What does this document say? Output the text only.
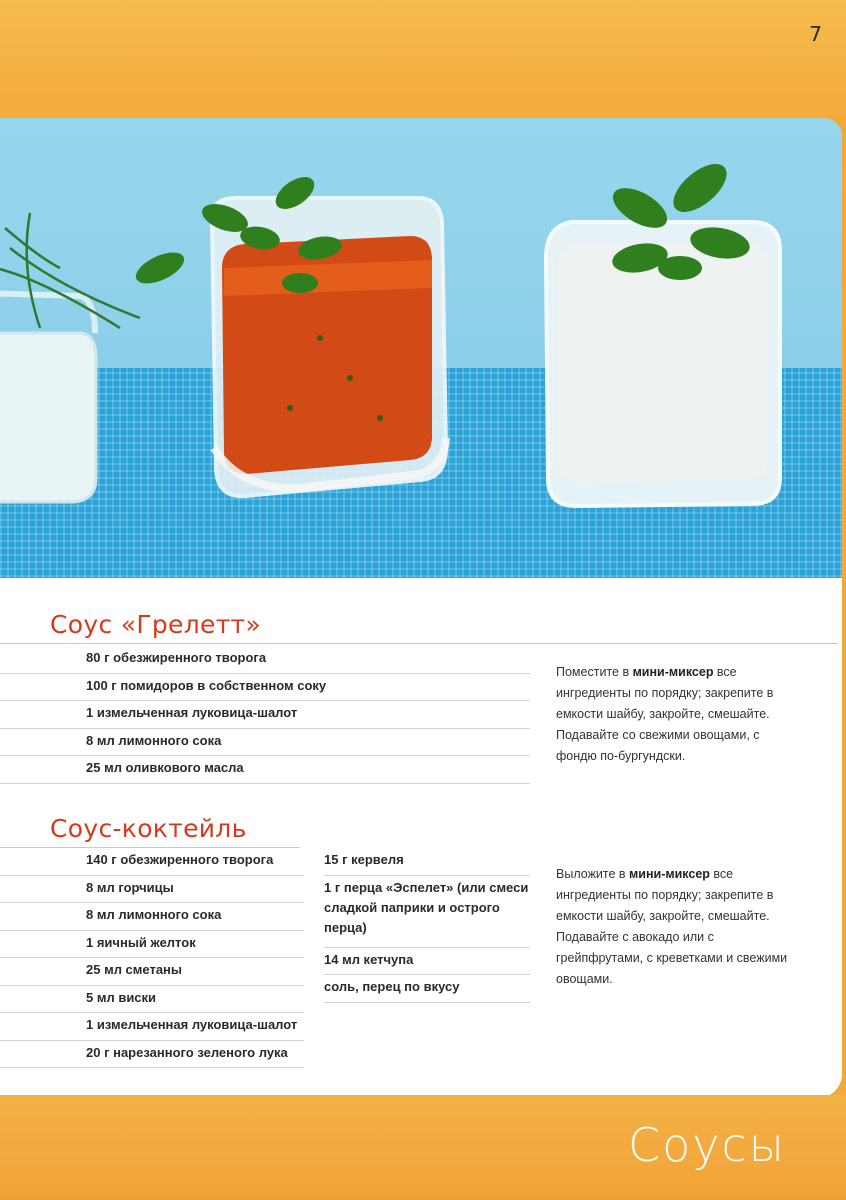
7
Соус «Грелетт»
80 г обезжиренного творога
100 г помидоров в собственном соку
1 измельченная луковица-шалот
8 мл лимонного сока
25 мл оливкового масла
Поместите в мини-миксер все ингредиенты по порядку; закрепите в емкости шайбу, закройте, смешайте.
Подавайте со свежими овощами, с фондю по-бургундски.
Соус-коктейль
140 г обезжиренного творога
8 мл горчицы
8 мл лимонного сока
1 яичный желток
25 мл сметаны
5 мл виски
1 измельченная луковица-шалот
20 г нарезанного зеленого лука
15 г кервеля
1 г перца «Эспелет» (или смеси сладкой паприки и острого перца)
14 мл кетчупа
соль, перец по вкусу
Выложите в мини-миксер все ингредиенты по порядку; закрепите в емкости шайбу, закройте, смешайте.
Подавайте с авокадо или с грейпфрутами, с креветками и свежими овощами.
Соусы
